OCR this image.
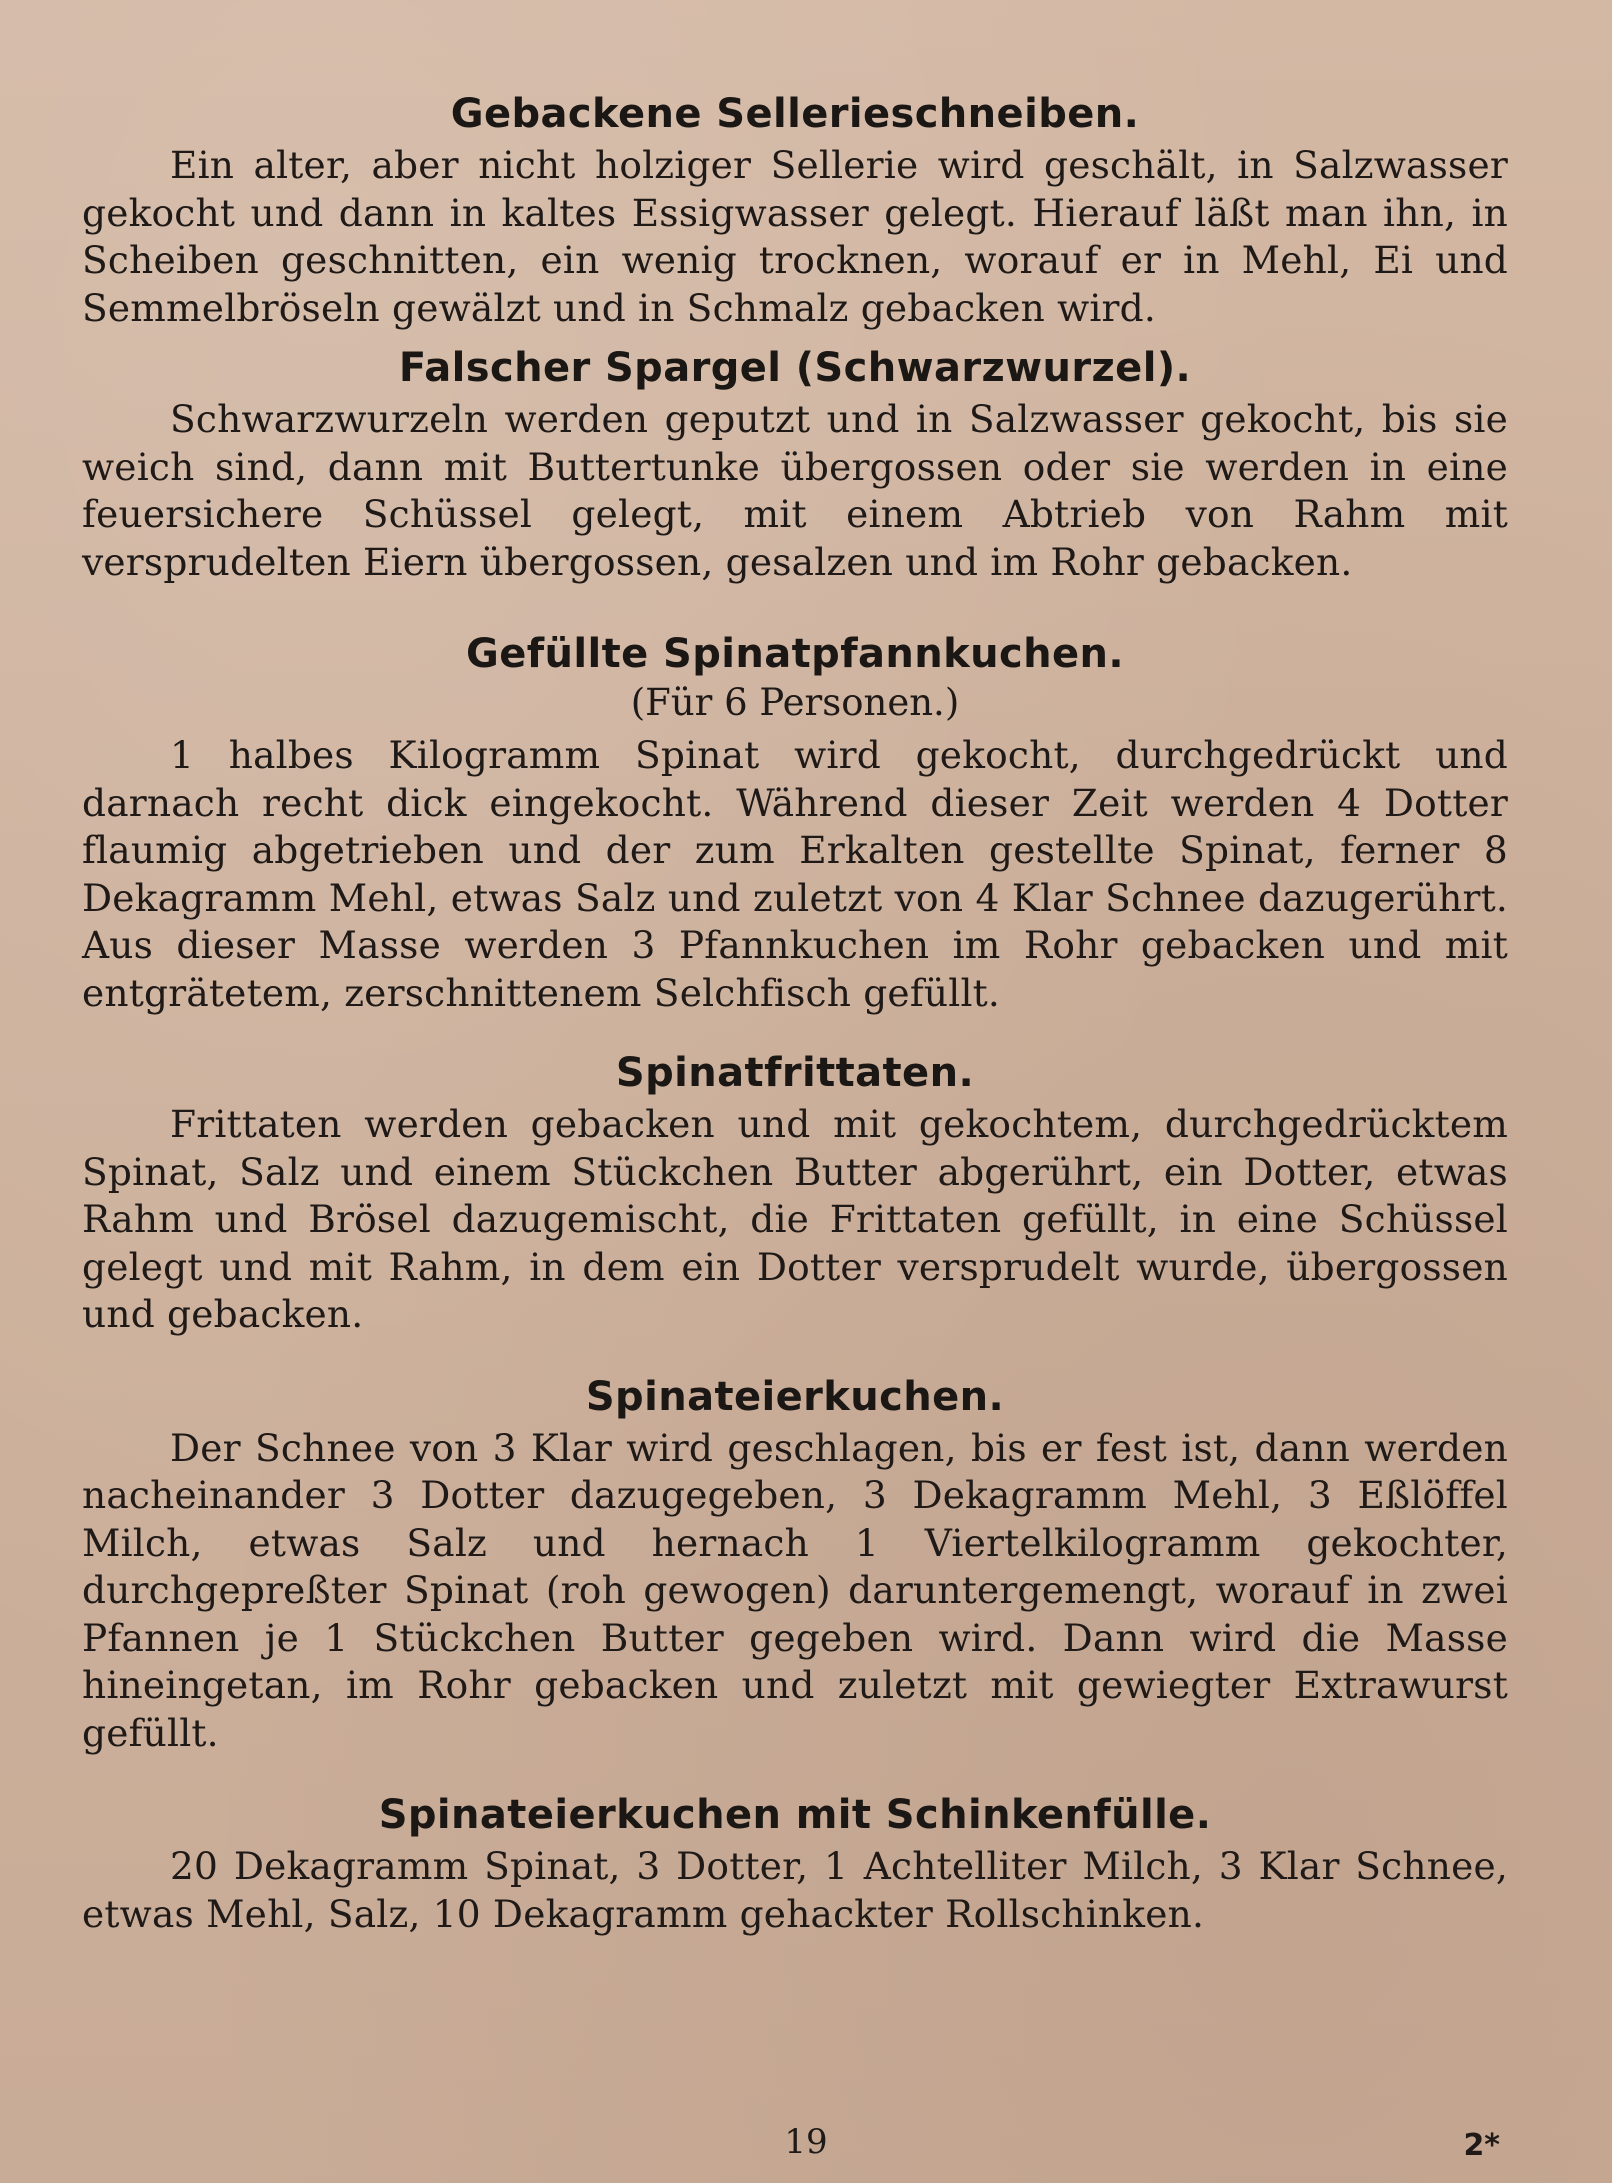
Gebackene Sellerieschneiben.

Ein alter, aber nicht holziger Sellerie wird geschält, in Salzwasser gekocht und dann in kaltes Essigwasser gelegt. Hierauf läßt man ihn, in Scheiben geschnitten, ein wenig trocknen, worauf er in Mehl, Ei und Semmelbröseln gewälzt und in Schmalz gebacken wird.

Falscher Spargel (Schwarzwurzel).

Schwarzwurzeln werden geputzt und in Salzwasser gekocht, bis sie weich sind, dann mit Buttertunke übergossen oder sie werden in eine feuersichere Schüssel gelegt, mit einem Abtrieb von Rahm mit versprudelten Eiern übergossen, gesalzen und im Rohr gebacken.

Gefüllte Spinatpfannkuchen.
(Für 6 Personen.)

1 halbes Kilogramm Spinat wird gekocht, durchgedrückt und darnach recht dick eingekocht. Während dieser Zeit werden 4 Dotter flaumig abgetrieben und der zum Erkalten gestellte Spinat, ferner 8 Dekagramm Mehl, etwas Salz und zuletzt von 4 Klar Schnee dazugerührt. Aus dieser Masse werden 3 Pfannkuchen im Rohr gebacken und mit entgrätetem, zerschnittenem Selchfisch gefüllt.

Spinatfrittaten.

Frittaten werden gebacken und mit gekochtem, durchgedrücktem Spinat, Salz und einem Stückchen Butter abgerührt, ein Dotter, etwas Rahm und Brösel dazugemischt, die Frittaten gefüllt, in eine Schüssel gelegt und mit Rahm, in dem ein Dotter versprudelt wurde, übergossen und gebacken.

Spinateierkuchen.

Der Schnee von 3 Klar wird geschlagen, bis er fest ist, dann werden nacheinander 3 Dotter dazugegeben, 3 Dekagramm Mehl, 3 Eßlöffel Milch, etwas Salz und hernach 1 Viertelkilogramm gekochter, durchgepreßter Spinat (roh gewogen) daruntergemengt, worauf in zwei Pfannen je 1 Stückchen Butter gegeben wird. Dann wird die Masse hineingetan, im Rohr gebacken und zuletzt mit gewiegter Extrawurst gefüllt.

Spinateierkuchen mit Schinkenfülle.

20 Dekagramm Spinat, 3 Dotter, 1 Achtelliter Milch, 3 Klar Schnee, etwas Mehl, Salz, 10 Dekagramm gehackter Rollschinken.

19	2*
